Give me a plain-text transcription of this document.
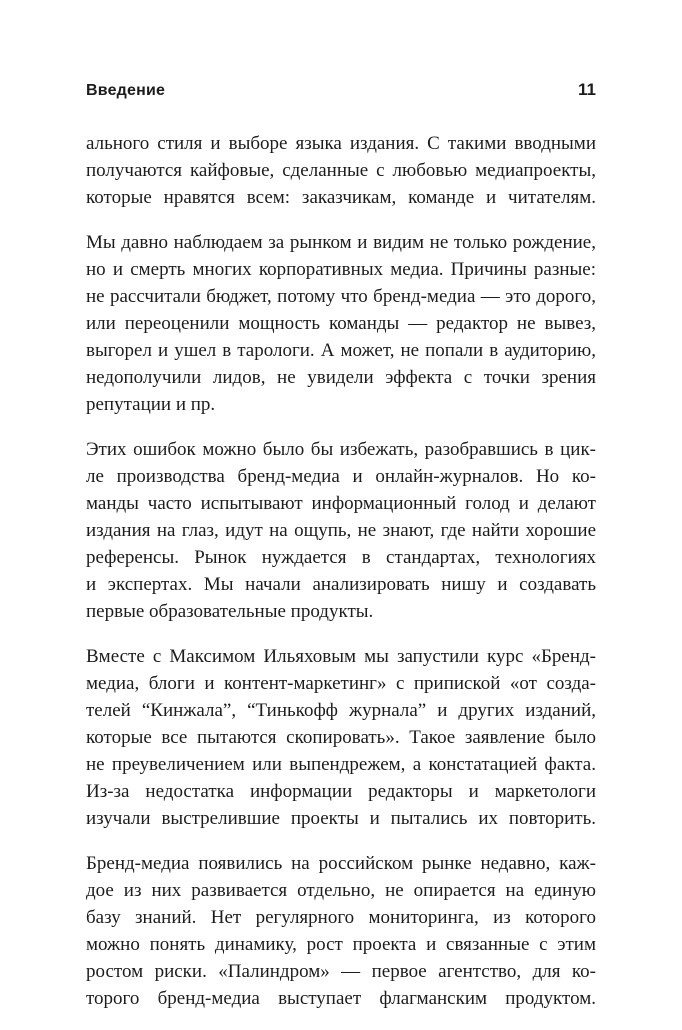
Введение	11

ального стиля и выборе языка издания. С такими вводными
получаются кайфовые, сделанные с любовью медиапроекты,
которые нравятся всем: заказчикам, команде и читателям.

Мы давно наблюдаем за рынком и видим не только рождение,
но и смерть многих корпоративных медиа. Причины разные:
не рассчитали бюджет, потому что бренд-медиа — это дорого,
или переоценили мощность команды — редактор не вывез,
выгорел и ушел в тарологи. А может, не попали в аудиторию,
недополучили лидов, не увидели эффекта с точки зрения
репутации и пр.

Этих ошибок можно было бы избежать, разобравшись в цик-
ле производства бренд-медиа и онлайн-журналов. Но ко-
манды часто испытывают информационный голод и делают
издания на глаз, идут на ощупь, не знают, где найти хорошие
референсы. Рынок нуждается в стандартах, технологиях
и экспертах. Мы начали анализировать нишу и создавать
первые образовательные продукты.

Вместе с Максимом Ильяховым мы запустили курс «Бренд-
медиа, блоги и контент-маркетинг» с припиской «от созда-
телей “Кинжала”, “Тинькофф журнала” и других изданий,
которые все пытаются скопировать». Такое заявление было
не преувеличением или выпендрежем, а констатацией факта.
Из-за недостатка информации редакторы и маркетологи
изучали выстрелившие проекты и пытались их повторить.

Бренд-медиа появились на российском рынке недавно, каж-
дое из них развивается отдельно, не опирается на единую
базу знаний. Нет регулярного мониторинга, из которого
можно понять динамику, рост проекта и связанные с этим
ростом риски. «Палиндром» — первое агентство, для ко-
торого бренд-медиа выступает флагманским продуктом.
